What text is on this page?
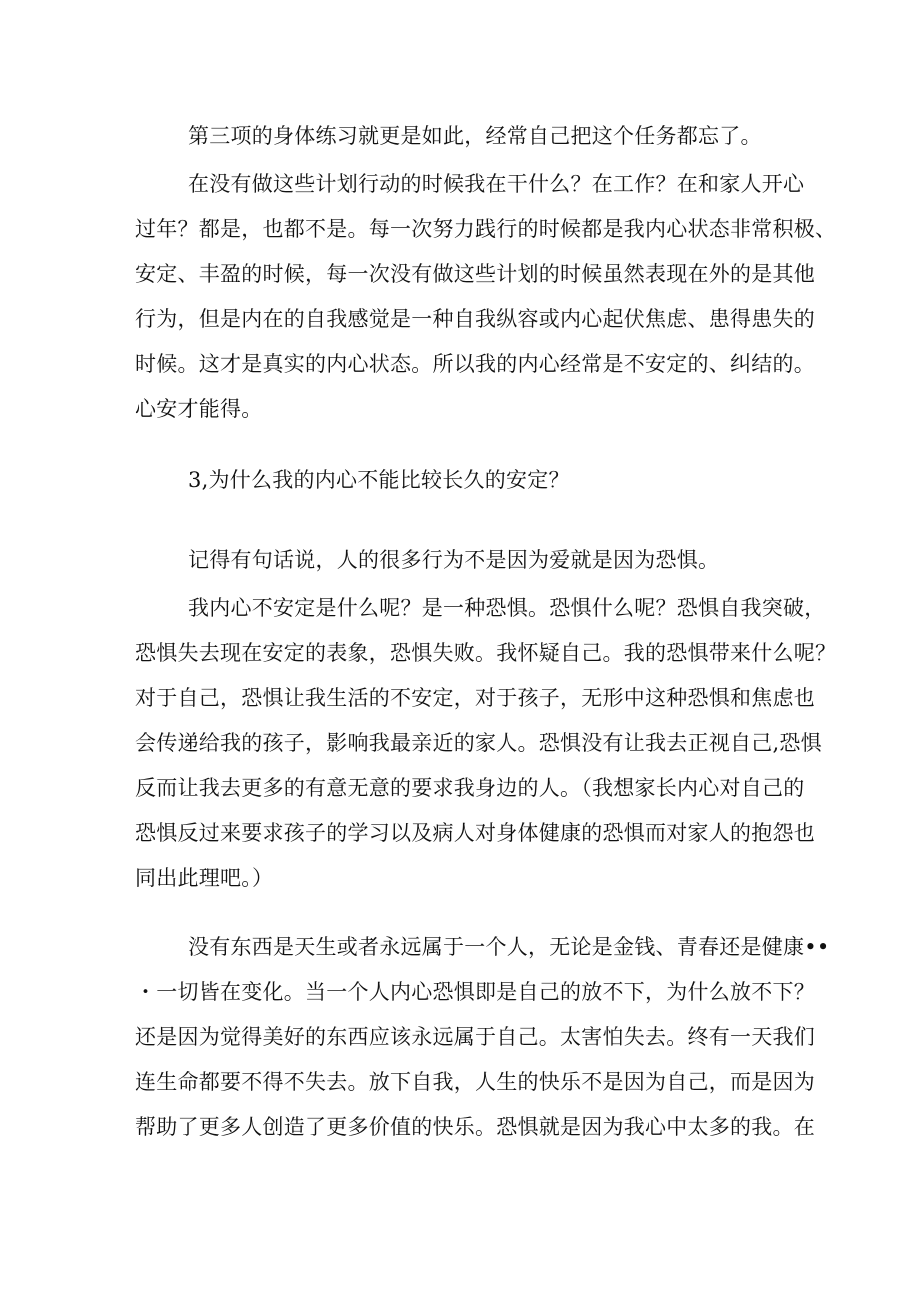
第三项的身体练习就更是如此，经常自己把这个任务都忘了。

在没有做这些计划行动的时候我在干什么？在工作？在和家人开心

过年？都是，也都不是。每一次努力践行的时候都是我内心状态非常积极、

安定、丰盈的时候，每一次没有做这些计划的时候虽然表现在外的是其他

行为，但是内在的自我感觉是一种自我纵容或内心起伏焦虑、患得患失的

时候。这才是真实的内心状态。所以我的内心经常是不安定的、纠结的。

心安才能得。

3,为什么我的内心不能比较长久的安定？

记得有句话说，人的很多行为不是因为爱就是因为恐惧。

我内心不安定是什么呢？是一种恐惧。恐惧什么呢？恐惧自我突破，

恐惧失去现在安定的表象，恐惧失败。我怀疑自己。我的恐惧带来什么呢？

对于自己，恐惧让我生活的不安定，对于孩子，无形中这种恐惧和焦虑也

会传递给我的孩子，影响我最亲近的家人。恐惧没有让我去正视自己,恐惧

反而让我去更多的有意无意的要求我身边的人。（我想家长内心对自己的

恐惧反过来要求孩子的学习以及病人对身体健康的恐惧而对家人的抱怨也

同出此理吧。）

没有东西是天生或者永远属于一个人，无论是金钱、青春还是健康••

・一切皆在变化。当一个人内心恐惧即是自己的放不下，为什么放不下？

还是因为觉得美好的东西应该永远属于自己。太害怕失去。终有一天我们

连生命都要不得不失去。放下自我，人生的快乐不是因为自己，而是因为

帮助了更多人创造了更多价值的快乐。恐惧就是因为我心中太多的我。在
